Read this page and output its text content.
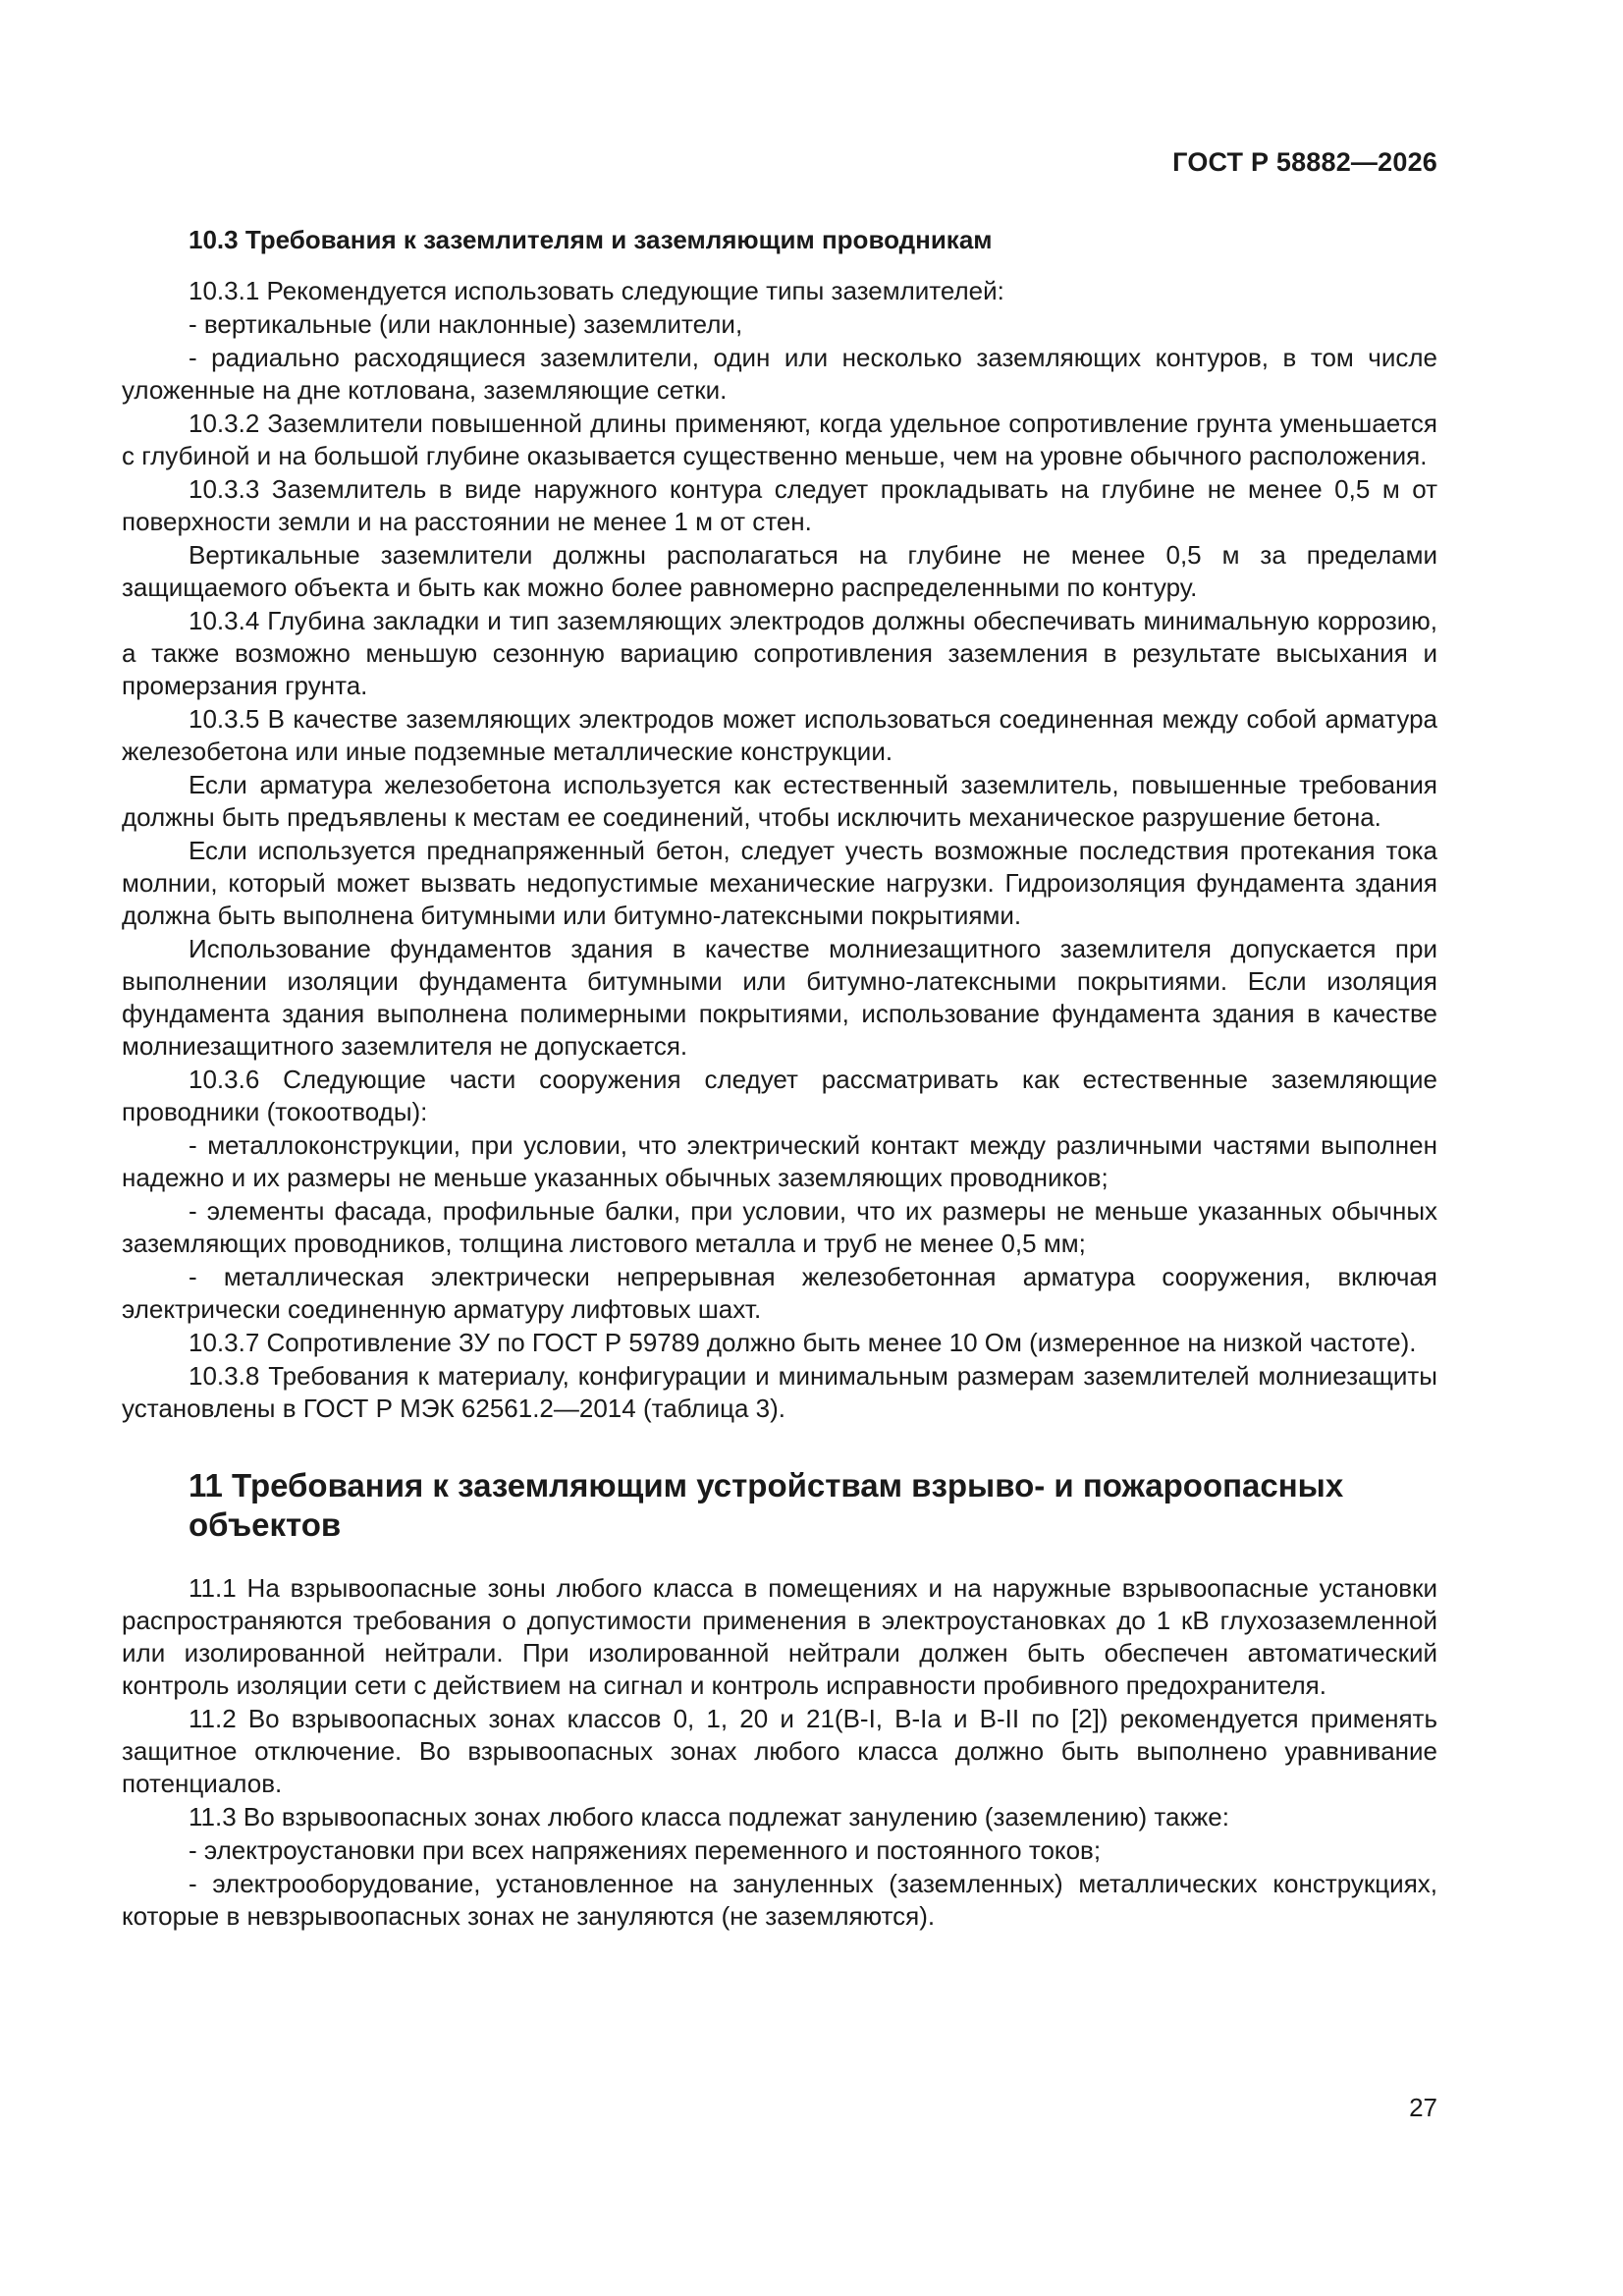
ГОСТ Р 58882—2026
10.3 Требования к заземлителям и заземляющим проводникам

10.3.1 Рекомендуется использовать следующие типы заземлителей:

- вертикальные (или наклонные) заземлители,

- радиально расходящиеся заземлители, один или несколько заземляющих контуров, в том числе уложенные на дне котлована, заземляющие сетки.

10.3.2 Заземлители повышенной длины применяют, когда удельное сопротивление грунта уменьшается с глубиной и на большой глубине оказывается существенно меньше, чем на уровне обычного расположения.

10.3.3 Заземлитель в виде наружного контура следует прокладывать на глубине не менее 0,5 м от поверхности земли и на расстоянии не менее 1 м от стен.

Вертикальные заземлители должны располагаться на глубине не менее 0,5 м за пределами защищаемого объекта и быть как можно более равномерно распределенными по контуру.

10.3.4 Глубина закладки и тип заземляющих электродов должны обеспечивать минимальную коррозию, а также возможно меньшую сезонную вариацию сопротивления заземления в результате высыхания и промерзания грунта.

10.3.5 В качестве заземляющих электродов может использоваться соединенная между собой арматура железобетона или иные подземные металлические конструкции.

Если арматура железобетона используется как естественный заземлитель, повышенные требования должны быть предъявлены к местам ее соединений, чтобы исключить механическое разрушение бетона.

Если используется преднапряженный бетон, следует учесть возможные последствия протекания тока молнии, который может вызвать недопустимые механические нагрузки. Гидроизоляция фундамента здания должна быть выполнена битумными или битумно-латексными покрытиями.

Использование фундаментов здания в качестве молниезащитного заземлителя допускается при выполнении изоляции фундамента битумными или битумно-латексными покрытиями. Если изоляция фундамента здания выполнена полимерными покрытиями, использование фундамента здания в качестве молниезащитного заземлителя не допускается.

10.3.6 Следующие части сооружения следует рассматривать как естественные заземляющие проводники (токоотводы):

- металлоконструкции, при условии, что электрический контакт между различными частями выполнен надежно и их размеры не меньше указанных обычных заземляющих проводников;

- элементы фасада, профильные балки, при условии, что их размеры не меньше указанных обычных заземляющих проводников, толщина листового металла и труб не менее 0,5 мм;

- металлическая электрически непрерывная железобетонная арматура сооружения, включая электрически соединенную арматуру лифтовых шахт.

10.3.7 Сопротивление ЗУ по ГОСТ Р 59789 должно быть менее 10 Ом (измеренное на низкой частоте).

10.3.8 Требования к материалу, конфигурации и минимальным размерам заземлителей молниезащиты установлены в ГОСТ Р МЭК 62561.2—2014 (таблица 3).

11 Требования к заземляющим устройствам взрыво- и пожароопасных объектов

11.1 На взрывоопасные зоны любого класса в помещениях и на наружные взрывоопасные установки распространяются требования о допустимости применения в электроустановках до 1 кВ глухозаземленной или изолированной нейтрали. При изолированной нейтрали должен быть обеспечен автоматический контроль изоляции сети с действием на сигнал и контроль исправности пробивного предохранителя.

11.2 Во взрывоопасных зонах классов 0, 1, 20 и 21(В-I, В-Ia и В-II по [2]) рекомендуется применять защитное отключение. Во взрывоопасных зонах любого класса должно быть выполнено уравнивание потенциалов.

11.3 Во взрывоопасных зонах любого класса подлежат занулению (заземлению) также:

- электроустановки при всех напряжениях переменного и постоянного токов;

- электрооборудование, установленное на зануленных (заземленных) металлических конструкциях, которые в невзрывоопасных зонах не зануляются (не заземляются).

27
